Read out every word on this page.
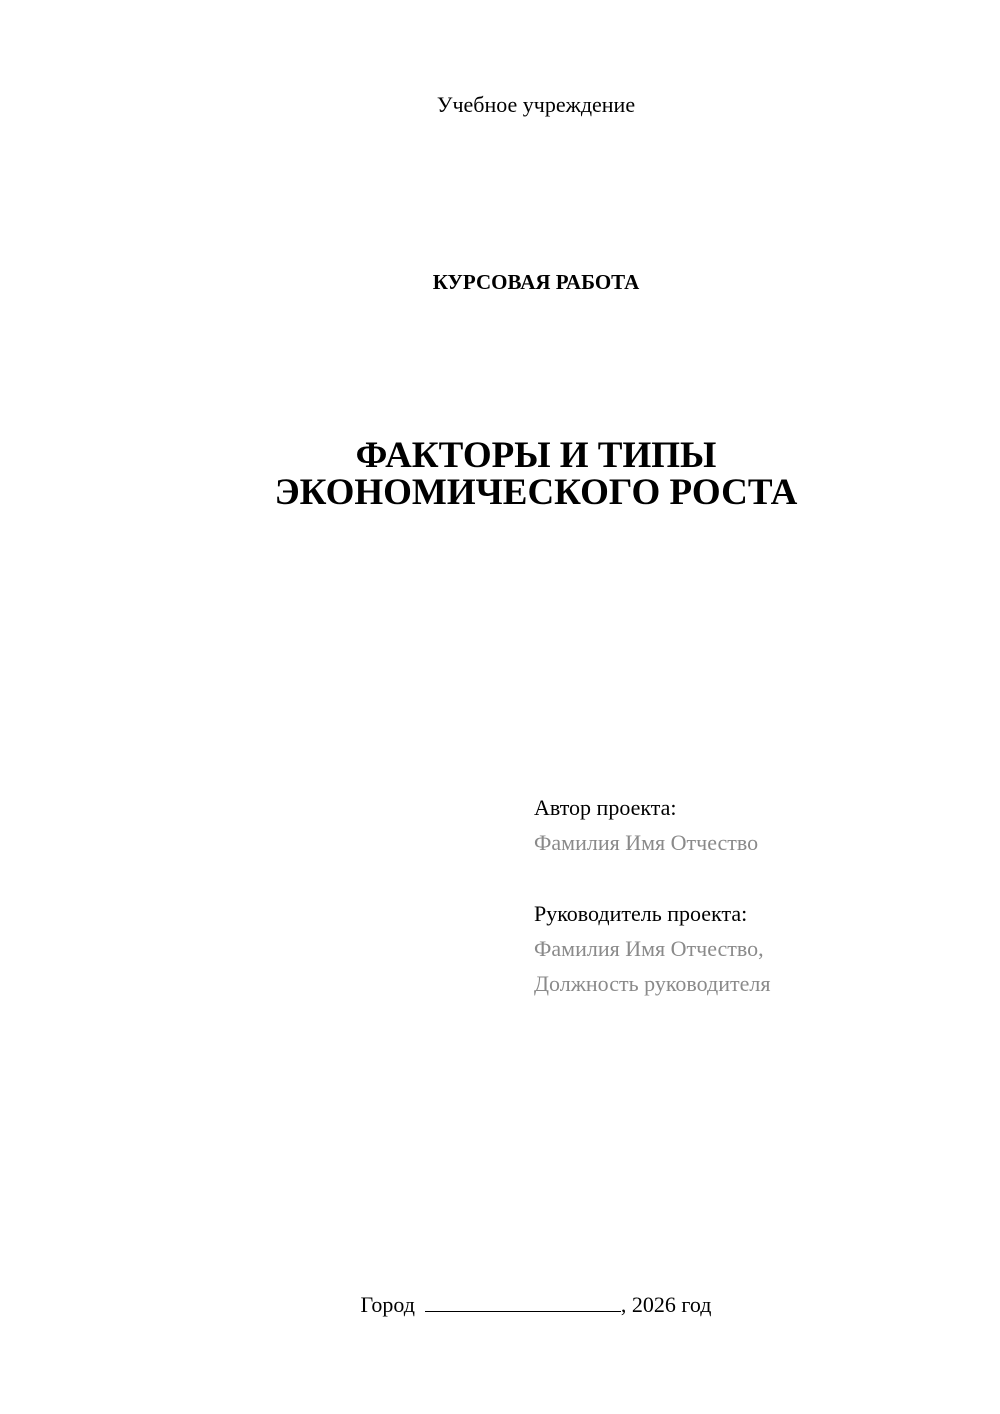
Учебное учреждение
КУРСОВАЯ РАБОТА
ФАКТОРЫ И ТИПЫ
ЭКОНОМИЧЕСКОГО РОСТА
Автор проекта:
Фамилия Имя Отчество
Руководитель проекта:
Фамилия Имя Отчество,
Должность руководителя
Город	, 2026 год
